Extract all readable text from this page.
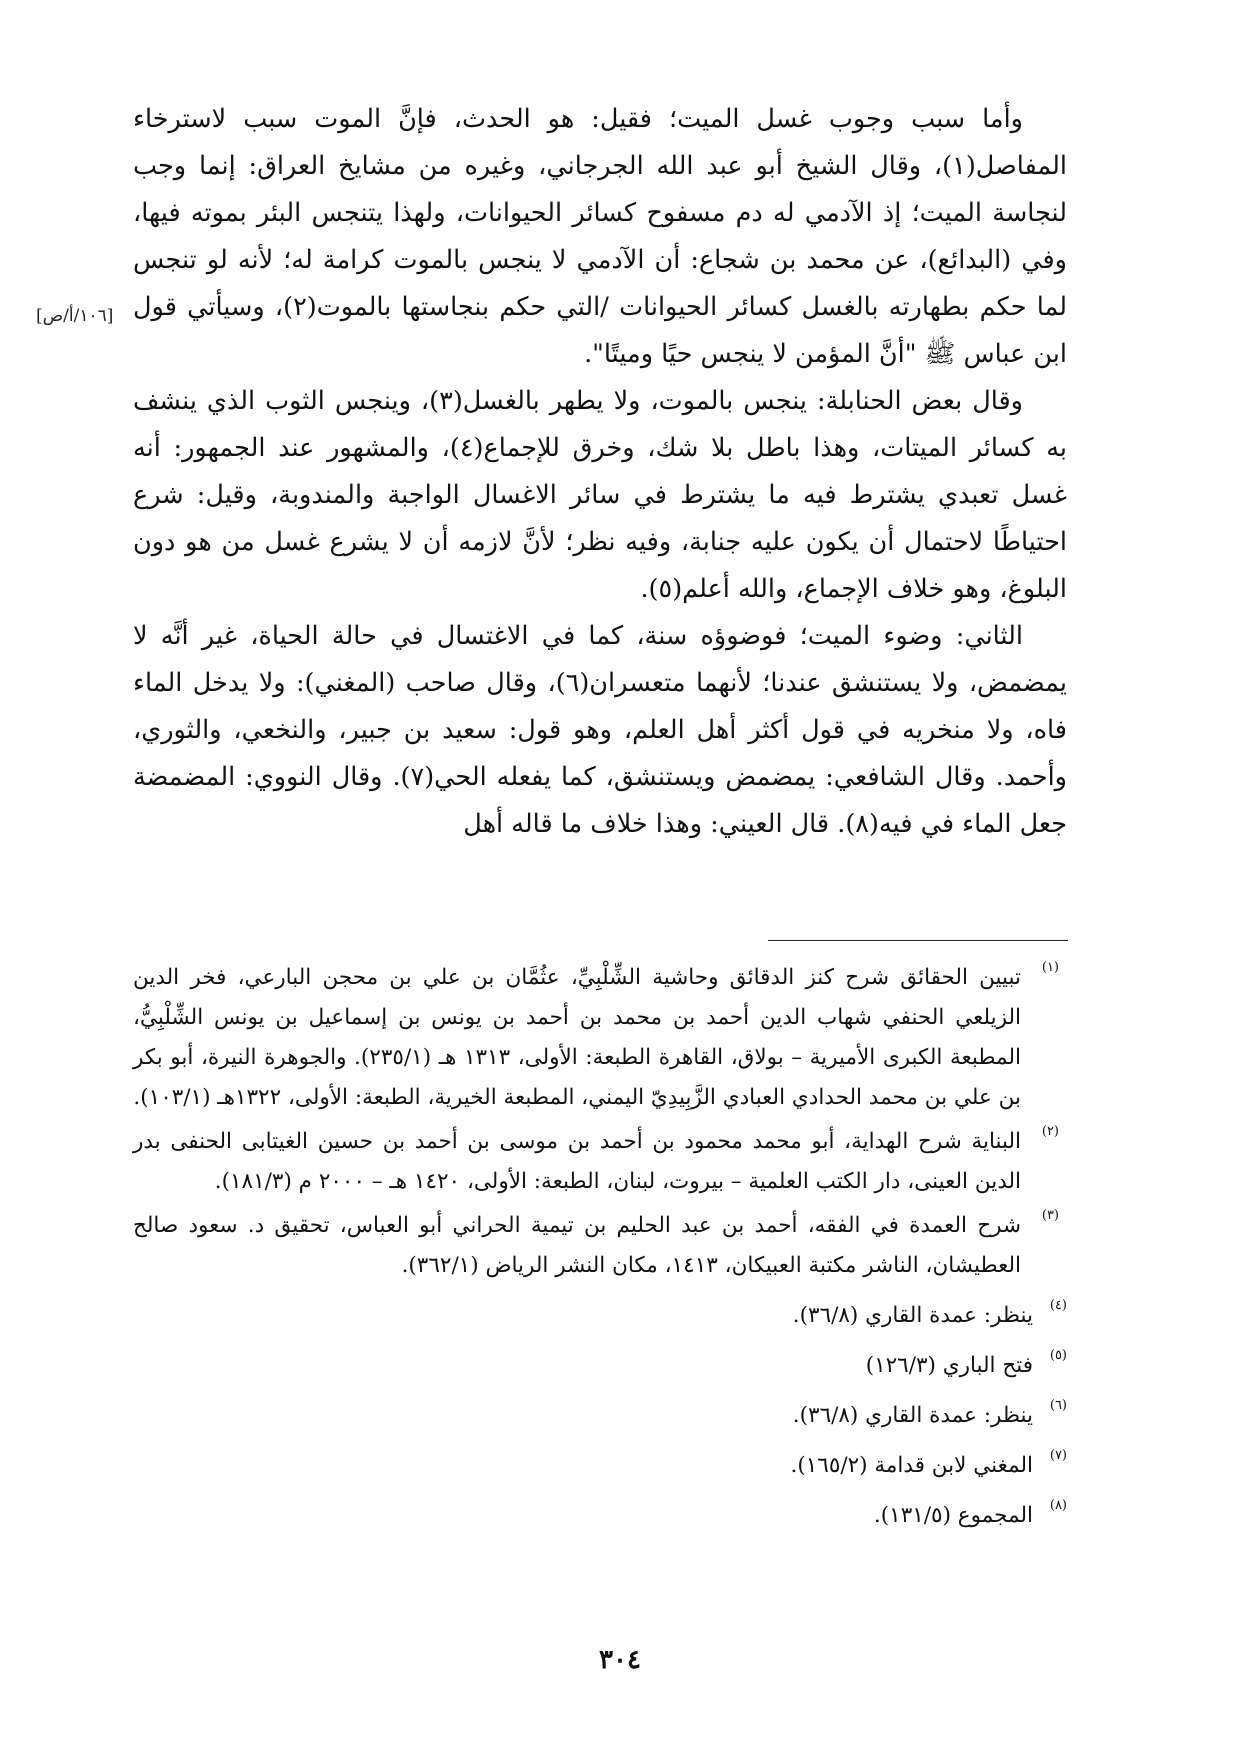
وأما سبب وجوب غسل الميت؛ فقيل: هو الحدث، فإنَّ الموت سبب لاسترخاء المفاصل(١)، وقال الشيخ أبو عبد الله الجرجاني، وغيره من مشايخ العراق: إنما وجب لنجاسة الميت؛ إذ الآدمي له دم مسفوح كسائر الحيوانات، ولهذا يتنجس البئر بموته فيها، وفي (البدائع)، عن محمد بن شجاع: أن الآدمي لا ينجس بالموت كرامة له؛ لأنه لو تنجس لما حكم بطهارته بالغسل كسائر الحيوانات /التي حكم بنجاستها بالموت(٢)، وسيأتي قول ابن عباس ﷺ "أنَّ المؤمن لا ينجس حيًا وميتًا".

وقال بعض الحنابلة: ينجس بالموت، ولا يطهر بالغسل(٣)، وينجس الثوب الذي ينشف به كسائر الميتات، وهذا باطل بلا شك، وخرق للإجماع(٤)، والمشهور عند الجمهور: أنه غسل تعبدي يشترط فيه ما يشترط في سائر الاغسال الواجبة والمندوبة، وقيل: شرع احتياطًا لاحتمال أن يكون عليه جنابة، وفيه نظر؛ لأنَّ لازمه أن لا يشرع غسل من هو دون البلوغ، وهو خلاف الإجماع، والله أعلم(٥).

الثاني: وضوء الميت؛ فوضوؤه سنة، كما في الاغتسال في حالة الحياة، غير أنَّه لا يمضمض، ولا يستنشق عندنا؛ لأنهما متعسران(٦)، وقال صاحب (المغني): ولا يدخل الماء فاه، ولا منخريه في قول أكثر أهل العلم، وهو قول: سعيد بن جبير، والنخعي، والثوري، وأحمد. وقال الشافعي: يمضمض ويستنشق، كما يفعله الحي(٧). وقال النووي: المضمضة جعل الماء في فيه(٨). قال العيني: وهذا خلاف ما قاله أهل

[١٠٦/أ/ص]
(١)
تبيين الحقائق شرح كنز الدقائق وحاشية الشِّلْبِيِّ، عثُمَّان بن علي بن محجن البارعي، فخر الدين الزيلعي الحنفي شهاب الدين أحمد بن محمد بن أحمد بن يونس بن إسماعيل بن يونس الشِّلْبِيُّ، المطبعة الكبرى الأميرية – بولاق، القاهرة الطبعة: الأولى، ١٣١٣ هـ (٢٣٥/١). والجوهرة النيرة، أبو بكر بن علي بن محمد الحدادي العبادي الزَّبِيدِيّ اليمني، المطبعة الخيرية، الطبعة: الأولى، ١٣٢٢هـ (١٠٣/١).
(٢)
البناية شرح الهداية، أبو محمد محمود بن أحمد بن موسى بن أحمد بن حسين الغيتابى الحنفى بدر الدين العينى، دار الكتب العلمية – بيروت، لبنان، الطبعة: الأولى، ١٤٢٠ هـ – ٢٠٠٠ م (١٨١/٣).
(٣)
شرح العمدة في الفقه، أحمد بن عبد الحليم بن تيمية الحراني أبو العباس، تحقيق د. سعود صالح العطيشان، الناشر مكتبة العبيكان، ١٤١٣، مكان النشر الرياض (٣٦٢/١).
(٤)
ينظر: عمدة القاري (٣٦/٨).
(٥)
فتح الباري (١٢٦/٣)
(٦)
ينظر: عمدة القاري (٣٦/٨).
(٧)
المغني لابن قدامة (١٦٥/٢).
(٨)
المجموع (١٣١/٥).
٣٠٤
